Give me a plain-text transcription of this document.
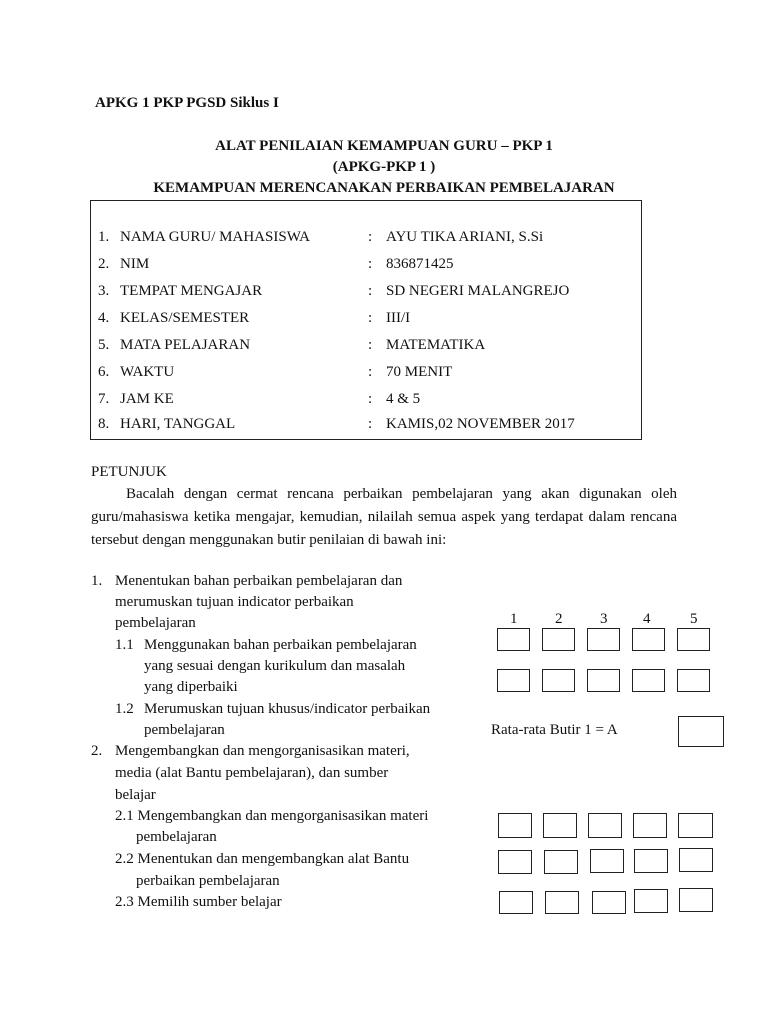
APKG 1 PKP PGSD Siklus I
ALAT PENILAIAN KEMAMPUAN GURU – PKP 1
(APKG-PKP 1 )
KEMAMPUAN MERENCANAKAN PERBAIKAN PEMBELAJARAN
1. NAMA GURU/ MAHASISWA	: AYU TIKA ARIANI, S.Si
2. NIM	: 836871425
3. TEMPAT MENGAJAR	: SD NEGERI MALANGREJO
4. KELAS/SEMESTER	: III/I
5. MATA PELAJARAN	: MATEMATIKA
6. WAKTU	: 70 MENIT
7. JAM KE	: 4 & 5
8. HARI, TANGGAL	: KAMIS,02 NOVEMBER 2017
PETUNJUK
Bacalah dengan cermat rencana perbaikan pembelajaran yang akan digunakan oleh guru/mahasiswa ketika mengajar, kemudian, nilailah semua aspek yang terdapat dalam rencana tersebut dengan menggunakan butir penilaian di bawah ini:
1	2	3 4	5
1. Menentukan bahan perbaikan pembelajaran dan
merumuskan tujuan indicator perbaikan
pembelajaran
1.1 Menggunakan bahan perbaikan pembelajaran
yang sesuai dengan kurikulum dan masalah
yang diperbaiki
1.2 Merumuskan tujuan khusus/indicator perbaikan
pembelajaran	Rata-rata Butir 1 = A
2. Mengembangkan dan mengorganisasikan materi,
media (alat Bantu pembelajaran), dan sumber
belajar
2.1 Mengembangkan dan mengorganisasikan materi
pembelajaran
2.2 Menentukan dan mengembangkan alat Bantu
perbaikan pembelajaran
2.3 Memilih sumber belajar
